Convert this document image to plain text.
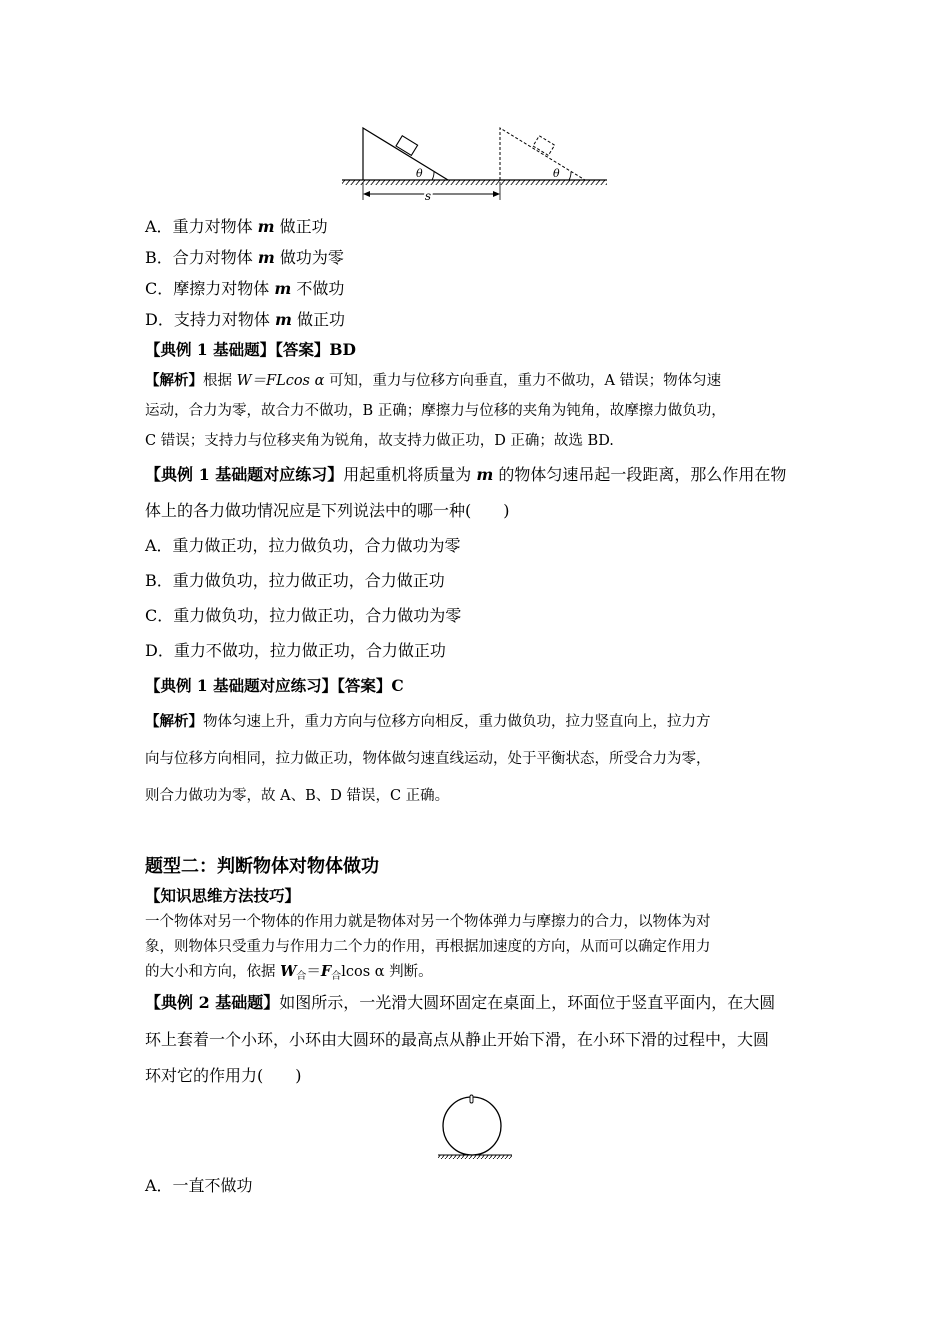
θ	θ
s
A．重力对物体 m 做正功
B．合力对物体 m 做功为零
C．摩擦力对物体 m 不做功
D．支持力对物体 m 做正功
【典例 1 基础题】【答案】BD
【解析】根据 W＝FLcos α 可知，重力与位移方向垂直，重力不做功，A 错误；物体匀速
运动，合力为零，故合力不做功，B 正确；摩擦力与位移的夹角为钝角，故摩擦力做负功，
C 错误；支持力与位移夹角为锐角，故支持力做正功，D 正确；故选 BD.
【典例 1 基础题对应练习】用起重机将质量为 m 的物体匀速吊起一段距离，那么作用在物
体上的各力做功情况应是下列说法中的哪一种(　　)
A．重力做正功，拉力做负功，合力做功为零
B．重力做负功，拉力做正功，合力做正功
C．重力做负功，拉力做正功，合力做功为零
D．重力不做功，拉力做正功，合力做正功
【典例 1 基础题对应练习】【答案】C
【解析】物体匀速上升，重力方向与位移方向相反，重力做负功，拉力竖直向上，拉力方
向与位移方向相同，拉力做正功，物体做匀速直线运动，处于平衡状态，所受合力为零，
则合力做功为零，故 A、B、D 错误，C 正确。
题型二：判断物体对物体做功
【知识思维方法技巧】
一个物体对另一个物体的作用力就是物体对另一个物体弹力与摩擦力的合力，以物体为对
象，则物体只受重力与作用力二个力的作用，再根据加速度的方向，从而可以确定作用力
的大小和方向，依据 $W_合=F_合lcos$ α 判断。
【典例 2 基础题】如图所示，一光滑大圆环固定在桌面上，环面位于竖直平面内，在大圆
环上套着一个小环，小环由大圆环的最高点从静止开始下滑，在小环下滑的过程中，大圆
环对它的作用力(　　)
A．一直不做功
